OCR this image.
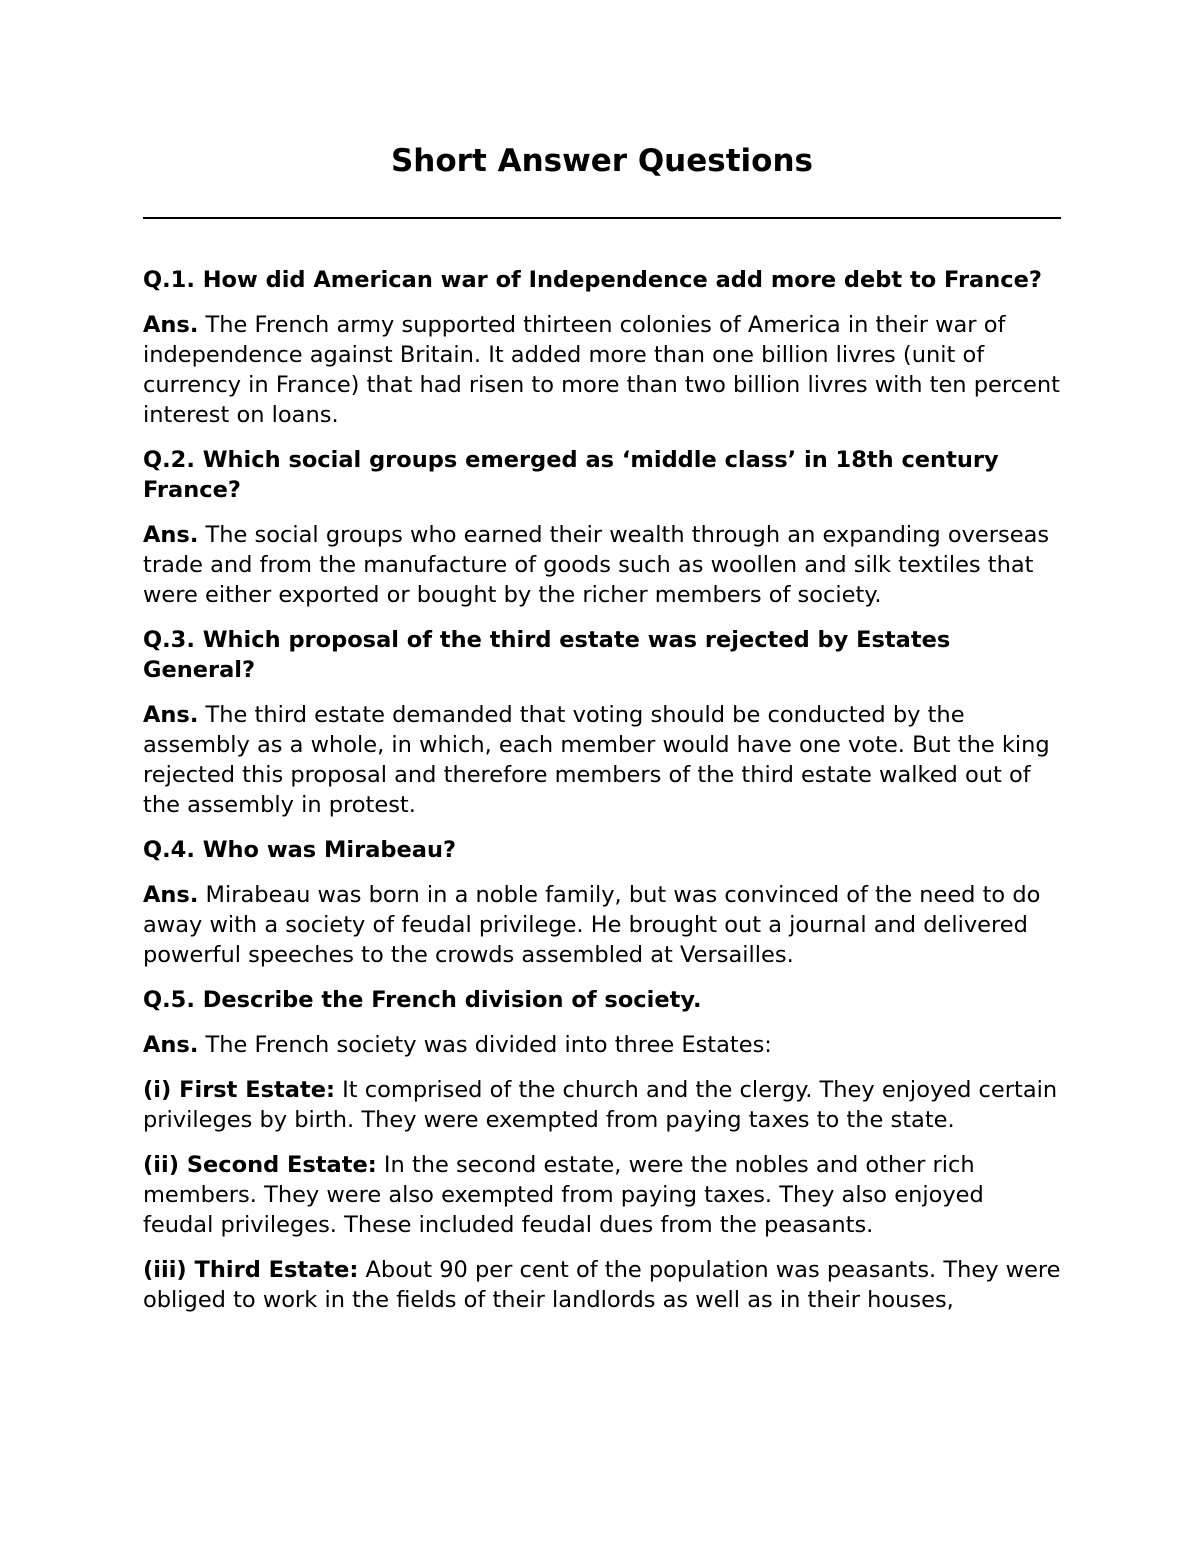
Short Answer Questions

Q.1. How did American war of Independence add more debt to France?

Ans. The French army supported thirteen colonies of America in their war of independence against Britain. It added more than one billion livres (unit of currency in France) that had risen to more than two billion livres with ten percent interest on loans.

Q.2. Which social groups emerged as ‘middle class’ in 18th century France?

Ans. The social groups who earned their wealth through an expanding overseas trade and from the manufacture of goods such as woollen and silk textiles that were either exported or bought by the richer members of society.

Q.3. Which proposal of the third estate was rejected by Estates General?

Ans. The third estate demanded that voting should be conducted by the assembly as a whole, in which, each member would have one vote. But the king rejected this proposal and therefore members of the third estate walked out of the assembly in protest.

Q.4. Who was Mirabeau?

Ans. Mirabeau was born in a noble family, but was convinced of the need to do away with a society of feudal privilege. He brought out a journal and delivered powerful speeches to the crowds assembled at Versailles.

Q.5. Describe the French division of society.

Ans. The French society was divided into three Estates:

(i) First Estate: It comprised of the church and the clergy. They enjoyed certain privileges by birth. They were exempted from paying taxes to the state.

(ii) Second Estate: In the second estate, were the nobles and other rich members. They were also exempted from paying taxes. They also enjoyed feudal privileges. These included feudal dues from the peasants.

(iii) Third Estate: About 90 per cent of the population was peasants. They were obliged to work in the fields of their landlords as well as in their houses,
